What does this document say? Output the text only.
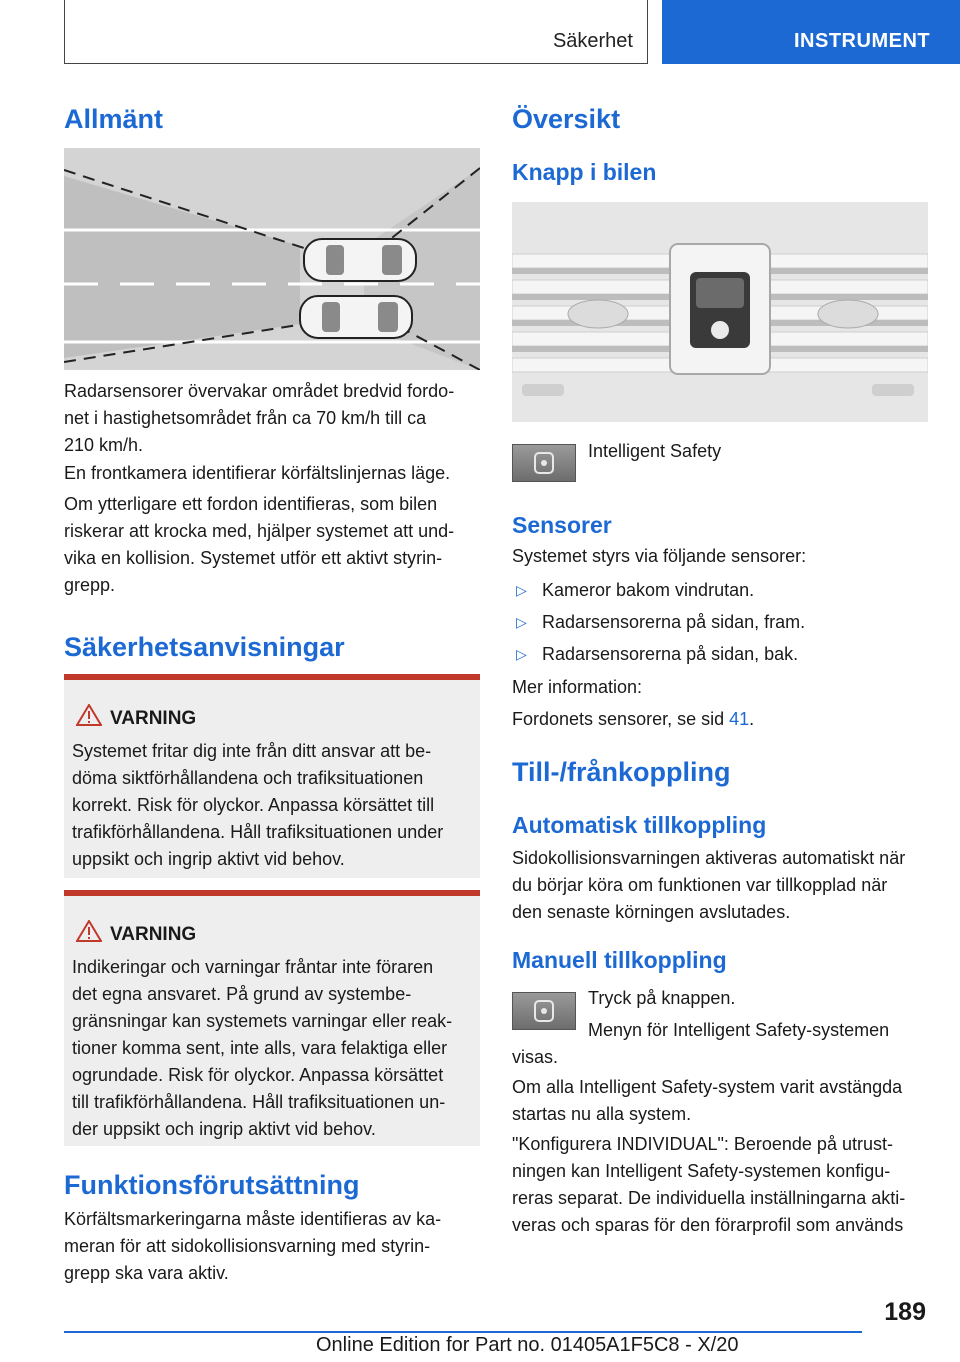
Säkerhet	INSTRUMENT
Allmänt
Radarsensorer övervakar området bredvid fordo-
net i hastighetsområdet från ca 70 km/h till ca
210 km/h.
En frontkamera identifierar körfältslinjernas läge.
Om ytterligare ett fordon identifieras, som bilen
riskerar att krocka med, hjälper systemet att und-
vika en kollision. Systemet utför ett aktivt styrin-
grepp.
Säkerhetsanvisningar
VARNING
Systemet fritar dig inte från ditt ansvar att be-
döma siktförhållandena och trafiksituationen
korrekt. Risk för olyckor. Anpassa körsättet till
trafikförhållandena. Håll trafiksituationen under
uppsikt och ingrip aktivt vid behov.
VARNING
Indikeringar och varningar fråntar inte föraren
det egna ansvaret. På grund av systembe-
gränsningar kan systemets varningar eller reak-
tioner komma sent, inte alls, vara felaktiga eller
ogrundade. Risk för olyckor. Anpassa körsättet
till trafikförhållandena. Håll trafiksituationen un-
der uppsikt och ingrip aktivt vid behov.
Funktionsförutsättning
Körfältsmarkeringarna måste identifieras av ka-
meran för att sidokollisionsvarning med styrin-
grepp ska vara aktiv.
Översikt
Knapp i bilen
Intelligent Safety
Sensorer
Systemet styrs via följande sensorer:
▷ Kameror bakom vindrutan.
▷ Radarsensorerna på sidan, fram.
▷ Radarsensorerna på sidan, bak.
Mer information:
Fordonets sensorer, se sid 41.
Till-/frånkoppling
Automatisk tillkoppling
Sidokollisionsvarningen aktiveras automatiskt när
du börjar köra om funktionen var tillkopplad när
den senaste körningen avslutades.
Manuell tillkoppling
Tryck på knappen.
Menyn för Intelligent Safety-systemen
visas.
Om alla Intelligent Safety-system varit avstängda
startas nu alla system.
"Konfigurera INDIVIDUAL": Beroende på utrust-
ningen kan Intelligent Safety-systemen konfigu-
reras separat. De individuella inställningarna akti-
veras och sparas för den förarprofil som används
189
Online Edition for Part no. 01405A1F5C8 - X/20
